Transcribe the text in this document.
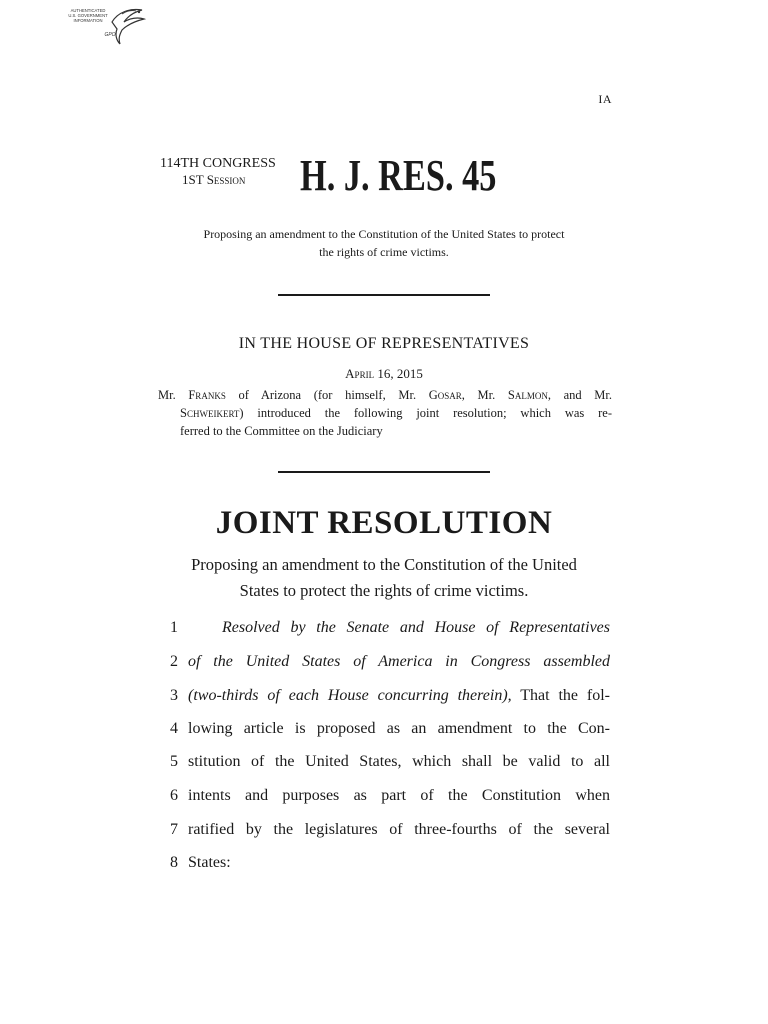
AUTHENTICATED
U.S. GOVERNMENT
INFORMATION
GPO
IA
114TH CONGRESS
1ST Session H. J. RES. 45
Proposing an amendment to the Constitution of the United States to protect
the rights of crime victims.
IN THE HOUSE OF REPRESENTATIVES
April 16, 2015
Mr. Franks of Arizona (for himself, Mr. Gosar, Mr. Salmon, and Mr.
Schweikert) introduced the following joint resolution; which was re-
ferred to the Committee on the Judiciary
JOINT RESOLUTION
Proposing an amendment to the Constitution of the United
States to protect the rights of crime victims.
1	Resolved by the Senate and House of Representatives
2 of the United States of America in Congress assembled
3 (two-thirds of each House concurring therein), That the fol-
4 lowing article is proposed as an amendment to the Con-
5 stitution of the United States, which shall be valid to all
6 intents and purposes as part of the Constitution when
7 ratified by the legislatures of three-fourths of the several
8 States:
